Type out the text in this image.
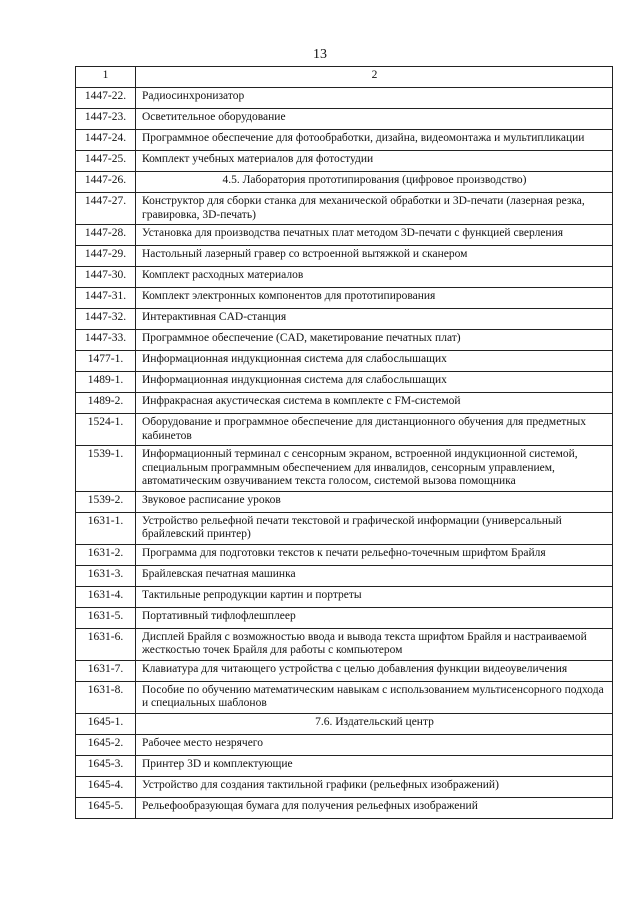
13
1	2
1447-22.	Радиосинхронизатор
1447-23.	Осветительное оборудование
1447-24.	Программное обеспечение для фотообработки, дизайна, видеомонтажа и мультипликации
1447-25.	Комплект учебных материалов для фотостудии
1447-26.	4.5. Лаборатория прототипирования (цифровое производство)
1447-27.	Конструктор для сборки станка для механической обработки и 3D-печати (лазерная резка, гравировка, 3D-печать)
1447-28.	Установка для производства печатных плат методом 3D-печати с функцией сверления
1447-29.	Настольный лазерный гравер со встроенной вытяжкой и сканером
1447-30.	Комплект расходных материалов
1447-31.	Комплект электронных компонентов для прототипирования
1447-32.	Интерактивная CAD-станция
1447-33.	Программное обеспечение (CAD, макетирование печатных плат)
1477-1.	Информационная индукционная система для слабослышащих
1489-1.	Информационная индукционная система для слабослышащих
1489-2.	Инфракрасная акустическая система в комплекте с FM-системой
1524-1.	Оборудование и программное обеспечение для дистанционного обучения для предметных кабинетов
1539-1.	Информационный терминал с сенсорным экраном, встроенной индукционной системой, специальным программным обеспечением для инвалидов, сенсорным управлением, автоматическим озвучиванием текста голосом, системой вызова помощника
1539-2.	Звуковое расписание уроков
1631-1.	Устройство рельефной печати текстовой и графической информации (универсальный брайлевский принтер)
1631-2.	Программа для подготовки текстов к печати рельефно-точечным шрифтом Брайля
1631-3.	Брайлевская печатная машинка
1631-4.	Тактильные репродукции картин и портреты
1631-5.	Портативный тифлофлешплеер
1631-6.	Дисплей Брайля с возможностью ввода и вывода текста шрифтом Брайля и настраиваемой жесткостью точек Брайля для работы с компьютером
1631-7.	Клавиатура для читающего устройства с целью добавления функции видеоувеличения
1631-8.	Пособие по обучению математическим навыкам с использованием мультисенсорного подхода и специальных шаблонов
1645-1.	7.6. Издательский центр
1645-2.	Рабочее место незрячего
1645-3.	Принтер 3D и комплектующие
1645-4.	Устройство для создания тактильной графики (рельефных изображений)
1645-5.	Рельефообразующая бумага для получения рельефных изображений
